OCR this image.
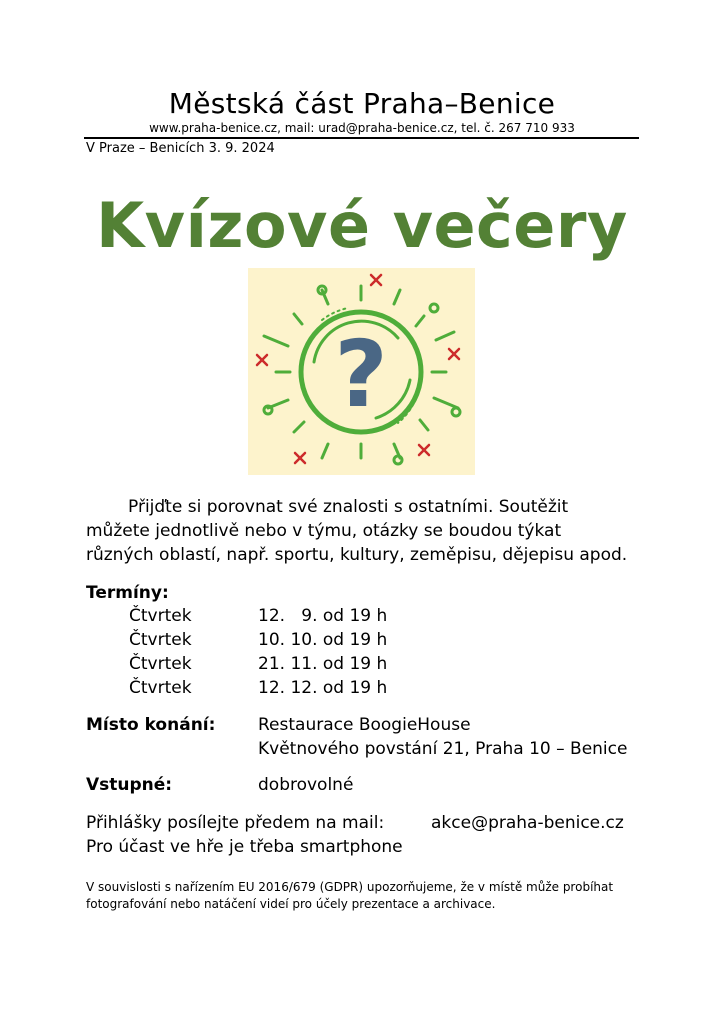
Městská část Praha–Benice
www.praha-benice.cz, mail: urad@praha-benice.cz, tel. č. 267 710 933
V Praze – Benicích 3. 9. 2024
Kvízové večery
?
Přijďte si porovnat své znalosti s ostatními. Soutěžit
můžete jednotlivě nebo v týmu, otázky se boudou týkat
různých oblastí, např. sportu, kultury, zeměpisu, dějepisu apod.
Termíny:
Čtvrtek	12.   9. od 19 h
Čtvrtek	10. 10. od 19 h
Čtvrtek	21. 11. od 19 h
Čtvrtek	12. 12. od 19 h
Místo konání:	Restaurace BoogieHouse
Květnového povstání 21, Praha 10 – Benice
Vstupné:	dobrovolné
Přihlášky posílejte předem na mail:	akce@praha-benice.cz
Pro účast ve hře je třeba smartphone
V souvislosti s nařízením EU 2016/679 (GDPR) upozorňujeme, že v místě může probíhat
fotografování nebo natáčení videí pro účely prezentace a archivace.
